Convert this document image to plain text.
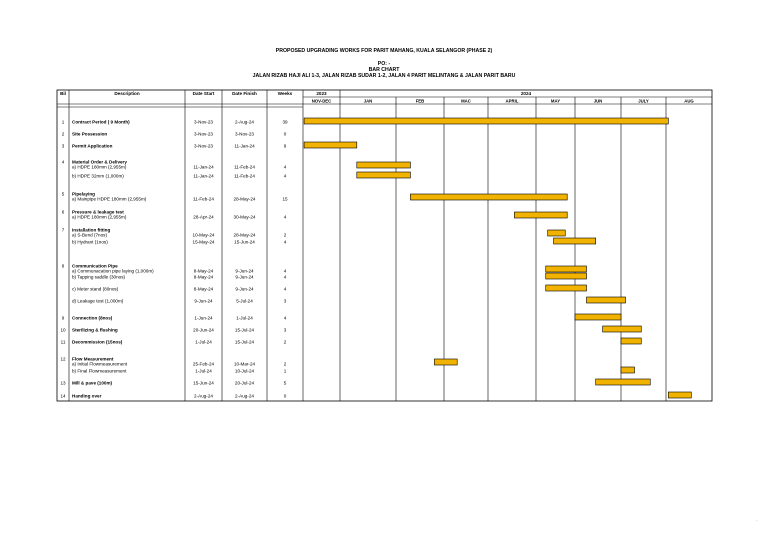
PROPOSED UPGRADING WORKS FOR PARIT MAHANG, KUALA SELANGOR (PHASE 2)
PO: -
BAR CHART
JALAN RIZAB HAJI ALI 1-3, JALAN RIZAB SUDAR 1-2, JALAN 4 PARIT MELINTANG & JALAN PARIT BARU
Bil	Description	Date Start	Date Finish	Weeks	2023	2024
NOV-DEC	JAN	FEB	MAC	APRIL	MAY	JUN	JULY	AUG
1 Contract Period ( 9 Month)	3-Nov-23	2-Aug-24	39
2 Site Possession	3-Nov-23	3-Nov-23	0
3 Permit Application	3-Nov-23	11-Jan-24	9
4 Material Order & Delivery
a) HDPE 180mm (2,955m)	11-Jan-24	11-Feb-24	4
b) HDPE 32mm (1,000m)	11-Jan-24	11-Feb-24	4
5 Pipelaying
a) Mainpipe HDPE 180mm (2,955m)	11-Feb-24	28-May-24	15
6 Pressure & leakage test
a) HDPE 180mm (2,955m)	28-Apr-24	30-May-24	4
7 Installation fitting
a) S-Bend (7nos)	10-May-24	28-May-24	2
b) Hydrant (1nos)	15-May-24	15-Jun-24	4
8 Communication Pipe
a) Communacation pipe laying (1,000m)	8-May-24	9-Jun-24	4
b) Tapping saddle (30nos)	8-May-24	9-Jun-24	4
c) Meter stand (80nos)	8-May-24	9-Jun-24	4
d) Leakage test (1,000m)	9-Jun-24	5-Jul-24	3
9 Connection (8nos)	1-Jun-24	1-Jul-24	4
10 Sterilizing & flushing	20-Jun-24	15-Jul-24	3
11 Decommission (15nos)	1-Jul-24	15-Jul-24	2
12 Flow Measurement
a) Initial Flowmeasurement	25-Feb-24	10-Mar-24	2
b) Final Flowmeasurement	1-Jul-24	10-Jul-24	1
13 Mill & pave (100m)	15-Jun-24	20-Jul-24	5
14 Handing over	2-Aug-24	2-Aug-24	0
·
